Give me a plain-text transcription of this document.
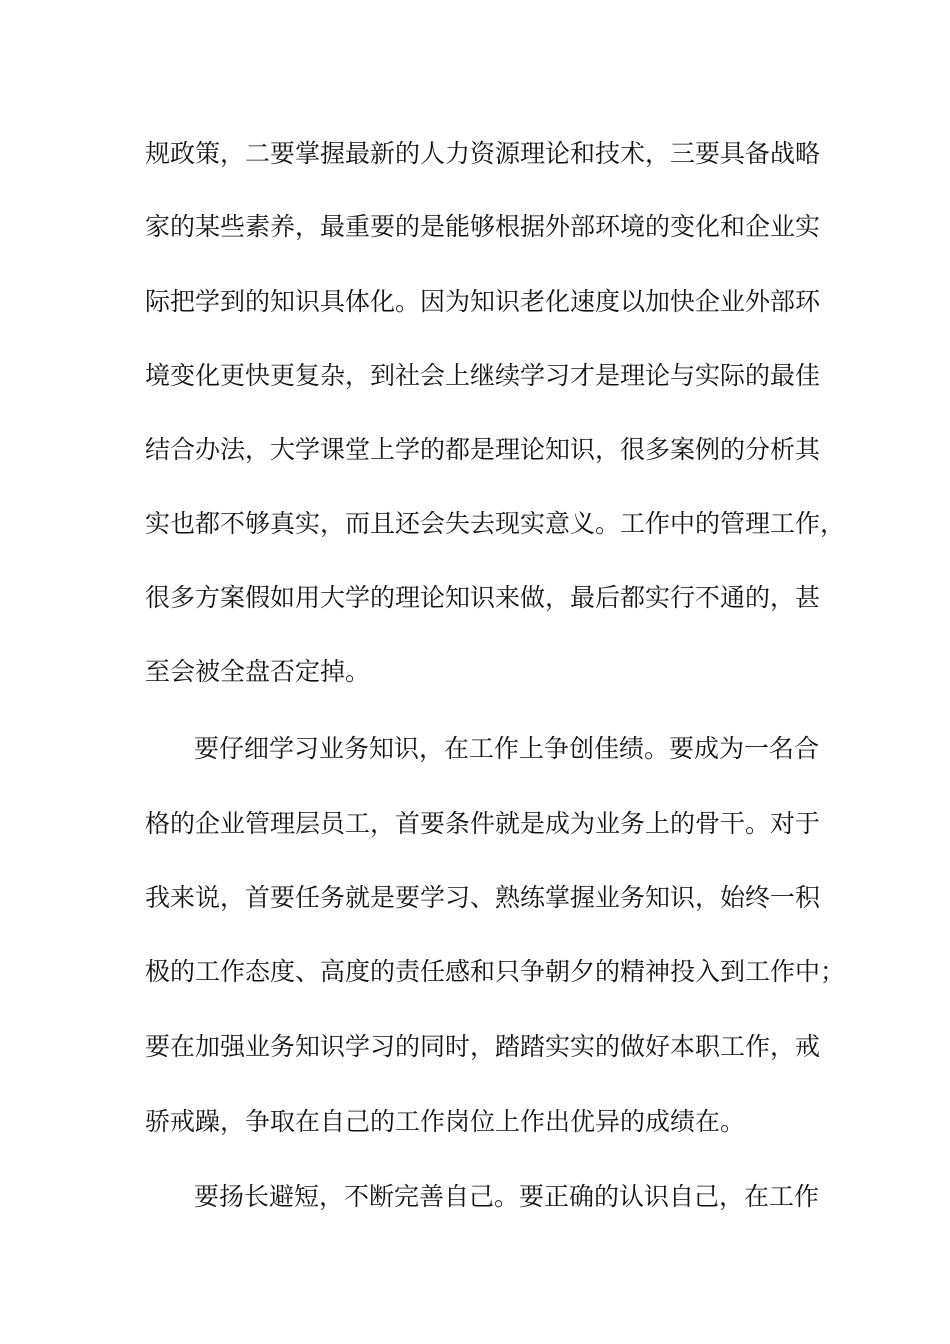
规政策，二要掌握最新的人力资源理论和技术，三要具备战略
家的某些素养，最重要的是能够根据外部环境的变化和企业实
际把学到的知识具体化。因为知识老化速度以加快企业外部环
境变化更快更复杂，到社会上继续学习才是理论与实际的最佳
结合办法，大学课堂上学的都是理论知识，很多案例的分析其
实也都不够真实，而且还会失去现实意义。工作中的管理工作，
很多方案假如用大学的理论知识来做，最后都实行不通的，甚
至会被全盘否定掉。
要仔细学习业务知识，在工作上争创佳绩。要成为一名合
格的企业管理层员工，首要条件就是成为业务上的骨干。对于
我来说，首要任务就是要学习、熟练掌握业务知识，始终一积
极的工作态度、高度的责任感和只争朝夕的精神投入到工作中；
要在加强业务知识学习的同时，踏踏实实的做好本职工作，戒
骄戒躁，争取在自己的工作岗位上作出优异的成绩在。
要扬长避短，不断完善自己。要正确的认识自己，在工作
